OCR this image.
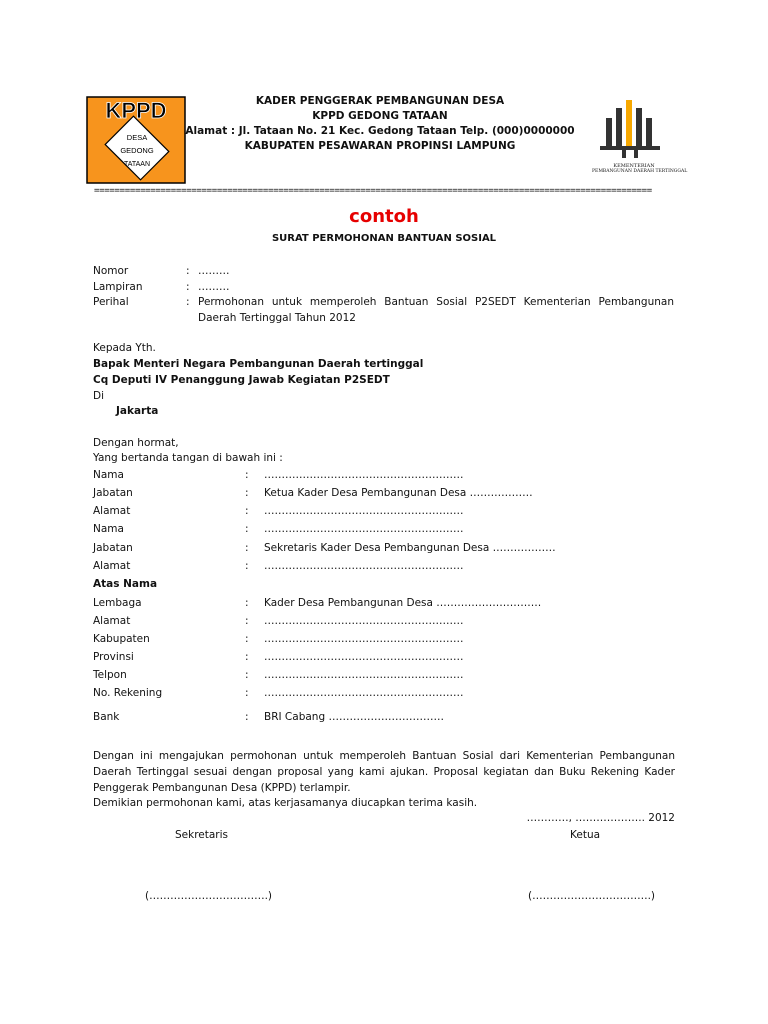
KPPD
DESA
GEDONG
TATAAN
KADER PENGGERAK PEMBANGUNAN DESA
KPPD GEDONG TATAAN
Alamat : Jl. Tataan No. 21 Kec. Gedong Tataan Telp. (000)0000000
KABUPATEN PESAWARAN PROPINSI LAMPUNG
KEMENTERIAN
PEMBANGUNAN DAERAH TERTINGGAL
=============================================================================================================
contoh
SURAT PERMOHONAN BANTUAN SOSIAL
Nomor	: ………
Lampiran	: ………
Perihal	: Permohonan untuk memperoleh Bantuan Sosial P2SEDT Kementerian Pembangunan Daerah Tertinggal Tahun 2012
Kepada Yth.
Bapak Menteri Negara Pembangunan Daerah tertinggal
Cq Deputi IV Penanggung Jawab Kegiatan P2SEDT
Di
Jakarta
Dengan hormat,
Yang bertanda tangan di bawah ini :
Nama	: …………………………………………………
Jabatan	: Ketua Kader Desa Pembangunan Desa ………………
Alamat	: …………………………………………………
Nama	: …………………………………………………
Jabatan	: Sekretaris Kader Desa Pembangunan Desa ………………
Alamat	: …………………………………………………
Atas Nama
Lembaga	: Kader Desa Pembangunan Desa …………………………
Alamat	: …………………………………………………
Kabupaten	: …………………………………………………
Provinsi	: …………………………………………………
Telpon	: …………………………………………………
No. Rekening	: …………………………………………………
Bank	: BRI Cabang ……………………………
Dengan ini mengajukan permohonan untuk memperoleh Bantuan Sosial dari Kementerian Pembangunan Daerah Tertinggal sesuai dengan proposal yang kami ajukan. Proposal kegiatan dan Buku Rekening Kader Penggerak Pembangunan Desa (KPPD) terlampir.
Demikian permohonan kami, atas kerjasamanya diucapkan terima kasih.
…………, ……………….. 2012
Sekretaris	Ketua
(…………………………….)	(…………………………….)
